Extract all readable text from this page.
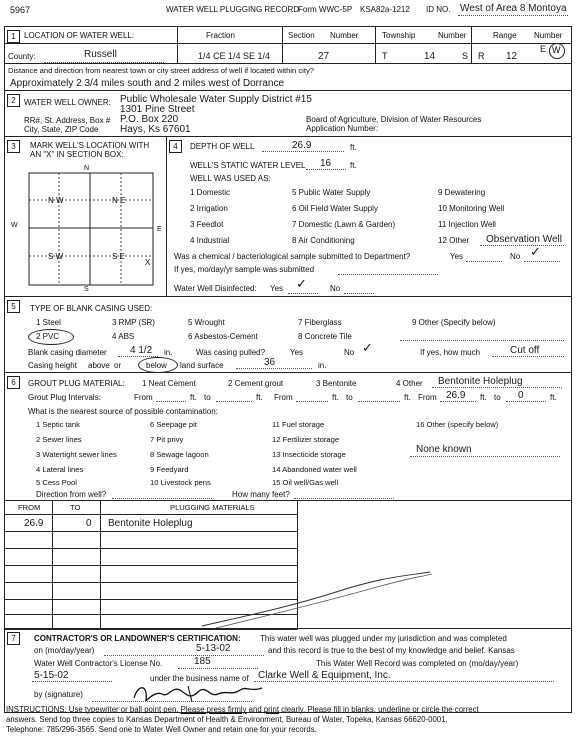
5967	WATER WELL PLUGGING RECORD
Form WWC-5P KSA82a-1212 ID NO. West of Area 8 Montoya
1	LOCATION OF WATER WELL:	Fraction	Section Number	Township	Number	Range Number
County:	Russell	1/4 CE 1/4 SE 1/4	27	T	14	S R 12
E W
Distance and direction from nearest town or city street address of well if located within city?
Approximately 2 3/4 miles south and 2 miles west of Dorrance
2	WATER WELL OWNER: Public Wholesale Water Supply District #15
RR#, St. Address, Box #
City, State, ZIP Code
1301 Pine Street
P.O. Box 220
Hays, Ks 67601
Board of Agriculture, Division of Water Resources
Application Number:
3	MARK WELL'S LOCATION WITH
AN "X" IN SECTION BOX:
N
S
W
E
N W	N E
S W	S E
X
4	DEPTH OF WELL	26.9	ft.
WELL'S STATIC WATER LEVEL 16 ft.
WELL WAS USED AS:
1 Domestic	5 Public Water Supply	9 Dewatering
2 Irrigation	6 Oil Field Water Supply	10 Monitoring Well
3 Feedlot	7 Domestic (Lawn & Garden)	11 Injection Well
4 Industrial	8 Air Conditioning	12 Other Observation Well
Was a chemical / bacteriological sample submitted to Department?	Yes	No ✓
If yes, mo/day/yr sample was submitted
Water Well Disinfected: Yes ✓	No
5	TYPE OF BLANK CASING USED:
1 Steel	3 RMP (SR)	5 Wrought	7 Fiberglass	9 Other (Specify below)
2 PVC	4 ABS	6 Asbestos-Cement	8 Concrete Tile
Blank casing diameter 4 1/2 in.	Was casing pulled?	Yes	No ✓	If yes, how much	Cut off
Casing height above or	below land surface	36	in.
6	GROUT PLUG MATERIAL: 1 Neat Cement	2 Cement grout	3 Bentonite	4 Other Bentonite Holeplug
Grout Plug Intervals:	From	ft. to	ft. From	ft. to	ft. From 26.9 ft. to 0	ft.
What is the nearest source of possible contamination:
1 Septic tank	6 Seepage pit	11 Fuel storage	16 Other (specify below)
2 Sewer lines	7 Pit privy	12 Fertilizer storage
3 Watertight sewer lines	8 Sewage lagoon	13 Insecticide storage	None known
4 Lateral lines	9 Feedyard	14 Abandoned water well
5 Cess Pool	10 Livestock pens	15 Oil well/Gas well
Direction from well?	How many feet?
FROM	TO	PLUGGING MATERIALS
26.9	0 Bentonite Holeplug
7	CONTRACTOR'S OR LANDOWNER'S CERTIFICATION: This water well was plugged under my jurisdiction and was completed
on (mo/day/year)	5-13-02	and this record is true to the best of my knowledge and belief. Kansas
Water Well Contractor's License No.	185	This Water Well Record was completed on (mo/day/year)
5-15-02	under the business name of Clarke Well & Equipment, Inc.
by (signature)
INSTRUCTIONS: Use typewriter or ball point pen. Please press firmly and print clearly. Please fill in blanks, underline or circle the correct
answers. Send top three copies to Kansas Department of Health & Environment, Bureau of Water, Topeka, Kansas 66620-0001.
Telephone: 785/296-3565. Send one to Water Well Owner and retain one for your records.
